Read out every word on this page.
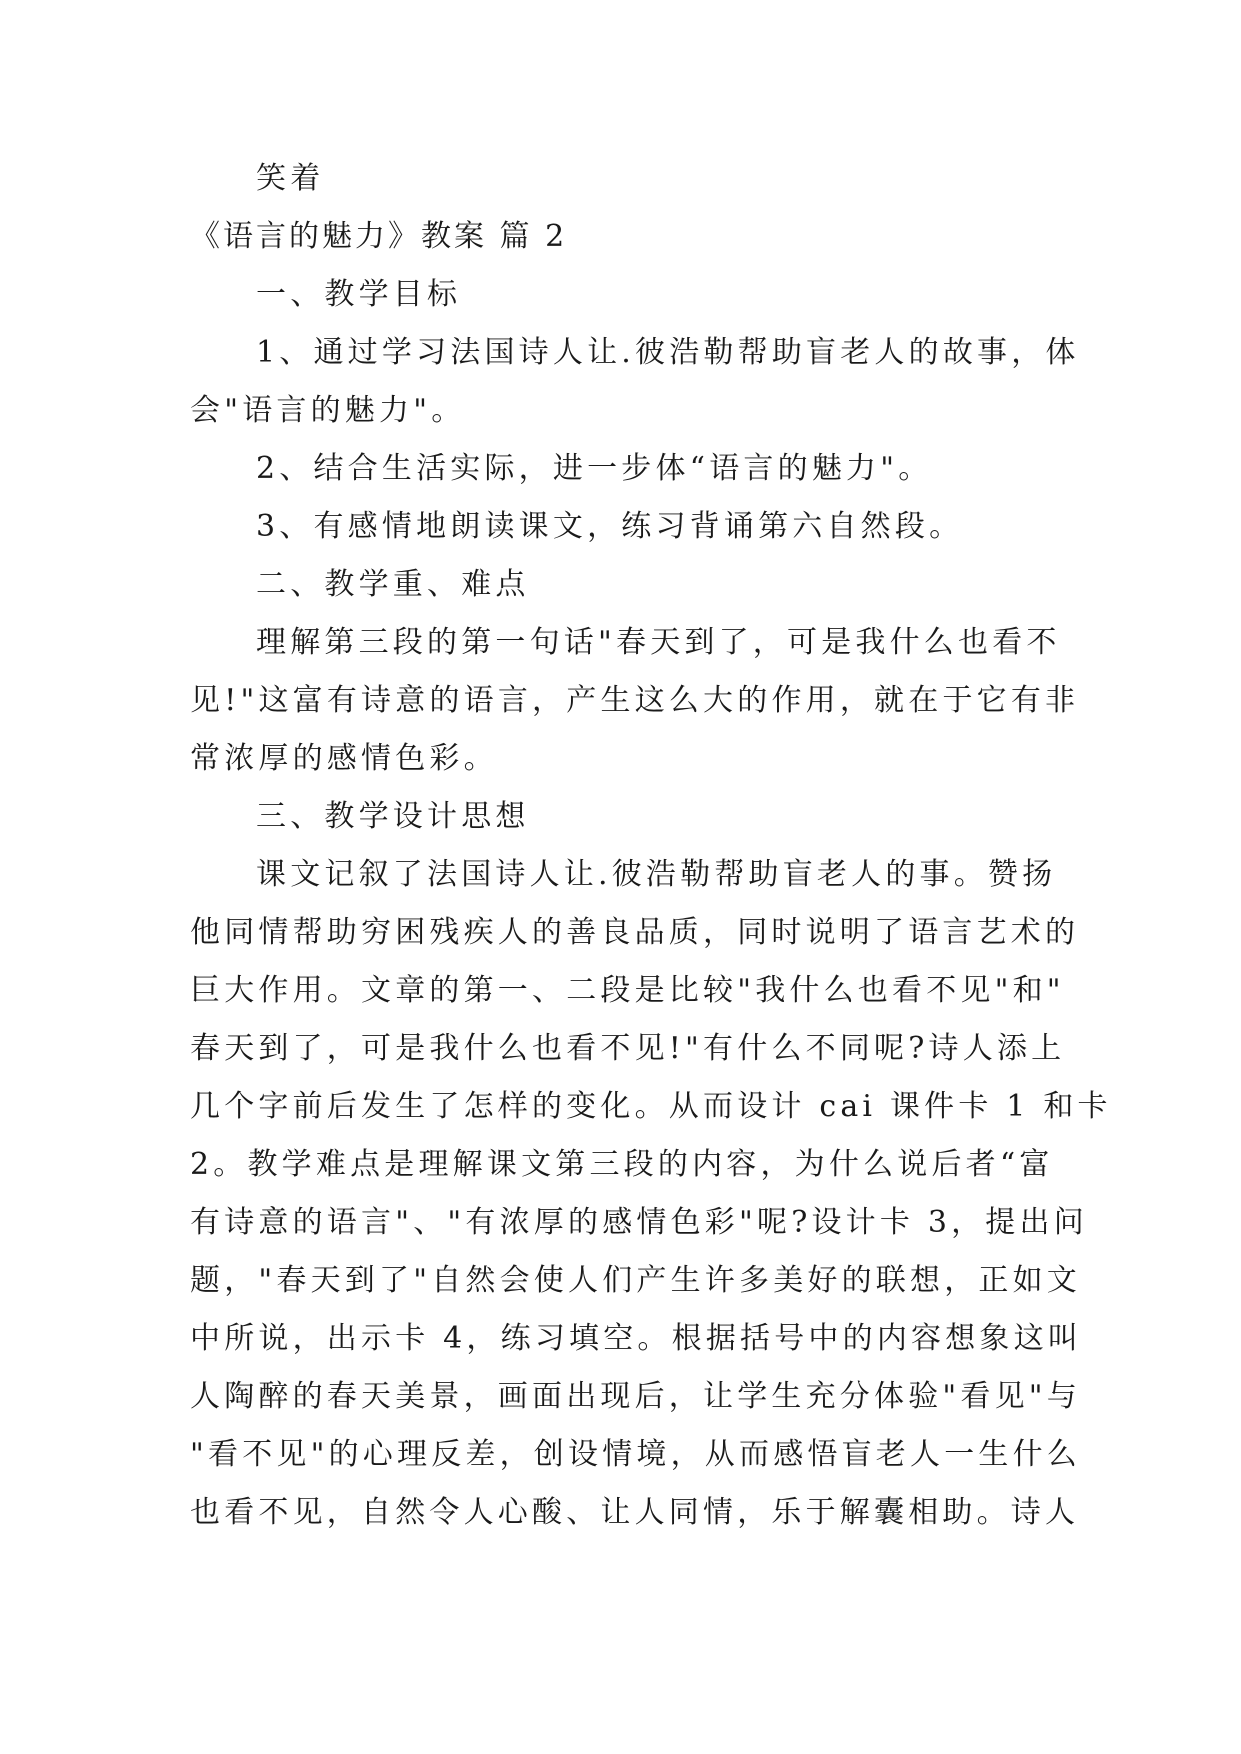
笑着

《语言的魅力》教案 篇 2

一、教学目标

1、通过学习法国诗人让.彼浩勒帮助盲老人的故事，体

会"语言的魅力"。

2、结合生活实际，进一步体“语言的魅力"。

3、有感情地朗读课文，练习背诵第六自然段。

二、教学重、难点

理解第三段的第一句话"春天到了，可是我什么也看不

见!"这富有诗意的语言，产生这么大的作用，就在于它有非

常浓厚的感情色彩。

三、教学设计思想

课文记叙了法国诗人让.彼浩勒帮助盲老人的事。赞扬

他同情帮助穷困残疾人的善良品质，同时说明了语言艺术的

巨大作用。文章的第一、二段是比较"我什么也看不见"和"

春天到了，可是我什么也看不见!"有什么不同呢?诗人添上

几个字前后发生了怎样的变化。从而设计 cai 课件卡 1 和卡

2。教学难点是理解课文第三段的内容，为什么说后者“富

有诗意的语言"、"有浓厚的感情色彩"呢?设计卡 3，提出问

题，"春天到了"自然会使人们产生许多美好的联想，正如文

中所说，出示卡 4，练习填空。根据括号中的内容想象这叫

人陶醉的春天美景，画面出现后，让学生充分体验"看见"与

"看不见"的心理反差，创设情境，从而感悟盲老人一生什么

也看不见，自然令人心酸、让人同情，乐于解囊相助。诗人
